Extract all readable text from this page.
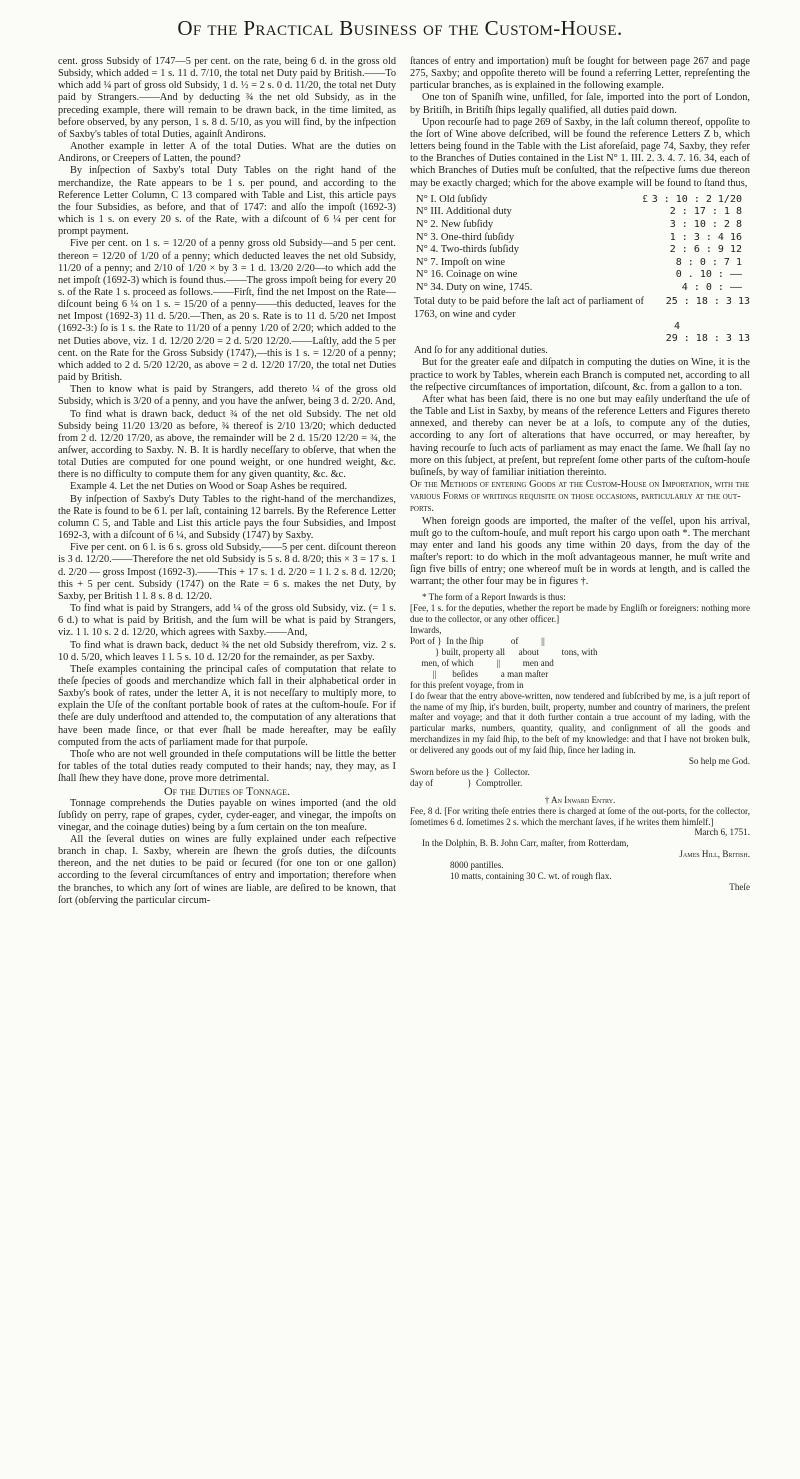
Of the Practical Business of the Custom-House.

cent. gross Subsidy of 1747—5 per cent. on the rate, being 6 d. in the gross old Subsidy, which added = 1 s. 11 d. 7/10, the total net Duty paid by British.——To which add ¼ part of gross old Subsidy, 1 d. ½ = 2 s. 0 d. 11/20, the total net Duty paid by Strangers.——And by deducting ¾ the net old Subsidy, as in the preceding example, there will remain to be drawn back, in the time limited, as before observed, by any person, 1 s. 8 d. 5/10, as you will find, by the infpection of Saxby's tables of total Duties, againſt Andirons.

Another example in letter A of the total Duties. What are the duties on Andirons, or Creepers of Latten, the pound?

By inſpection of Saxby's total Duty Tables on the right hand of the merchandize, the Rate appears to be 1 s. per pound, and according to the Reference Letter Column, C 13 compared with Table and List, this article pays the four Subsidies, as before, and that of 1747: and alſo the impoſt (1692-3) which is 1 s. on every 20 s. of the Rate, with a diſcount of 6 ¼ per cent for prompt payment.

Five per cent. on 1 s. = 12/20 of a penny gross old Subsidy—and 5 per cent. thereon = 12/20 of 1/20 of a penny; which deducted leaves the net old Subsidy, 11/20 of a penny; and 2/10 of 1/20 × by 3 = 1 d. 13/20 2/20—to which add the net impoſt (1692-3) which is found thus.——The gross impoſt being for every 20 s. of the Rate 1 s. proceed as follows.——Firſt, find the net Impost on the Rate—diſcount being 6 ¼ on 1 s. = 15/20 of a penny——this deducted, leaves for the net Impost (1692-3) 11 d. 5/20.—Then, as 20 s. Rate is to 11 d. 5/20 net Impost (1692-3:) ſo is 1 s. the Rate to 11/20 of a penny 1/20 of 2/20; which added to the net Duties above, viz. 1 d. 12/20 2/20 = 2 d. 5/20 12/20.——Laſtly, add the 5 per cent. on the Rate for the Gross Subsidy (1747),—this is 1 s. = 12/20 of a penny; which added to 2 d. 5/20 12/20, as above = 2 d. 12/20 17/20, the total net Duties paid by British.

Then to know what is paid by Strangers, add thereto ¼ of the gross old Subsidy, which is 3/20 of a penny, and you have the anſwer, being 3 d. 2/20. And,

To find what is drawn back, deduct ¾ of the net old Subsidy. The net old Subsidy being 11/20 13/20 as before, ¾ thereof is 2/10 13/20; which deducted from 2 d. 12/20 17/20, as above, the remainder will be 2 d. 15/20 12/20 = ¾, the anſwer, according to Saxby. N. B. It is hardly neceſſary to obſerve, that when the total Duties are computed for one pound weight, or one hundred weight, &c. there is no difficulty to compute them for any given quantity, &c. &c.

Example 4. Let the net Duties on Wood or Soap Ashes be required.

By inſpection of Saxby's Duty Tables to the right-hand of the merchandizes, the Rate is found to be 6 l. per laſt, containing 12 barrels. By the Reference Letter column C 5, and Table and List this article pays the four Subsidies, and Impost 1692-3, with a diſcount of 6 ¼, and Subsidy (1747) by Saxby.

Five per cent. on 6 l. is 6 s. gross old Subsidy,——5 per cent. diſcount thereon is 3 d. 12/20.——Therefore the net old Subsidy is 5 s. 8 d. 8/20; this × 3 = 17 s. 1 d. 2/20 — gross Impost (1692-3).——This + 17 s. 1 d. 2/20 = 1 l. 2 s. 8 d. 12/20; this + 5 per cent. Subsidy (1747) on the Rate = 6 s. makes the net Duty, by Saxby, per British 1 l. 8 s. 8 d. 12/20.

To find what is paid by Strangers, add ¼ of the gross old Subsidy, viz. (= 1 s. 6 d.) to what is paid by British, and the ſum will be what is paid by Strangers, viz. 1 l. 10 s. 2 d. 12/20, which agrees with Saxby.——And,

To find what is drawn back, deduct ¾ the net old Subsidy therefrom, viz. 2 s. 10 d. 5/20, which leaves 1 l. 5 s. 10 d. 12/20 for the remainder, as per Saxby.

Theſe examples containing the principal caſes of computation that relate to theſe ſpecies of goods and merchandize which fall in their alphabetical order in Saxby's book of rates, under the letter A, it is not neceſſary to multiply more, to explain the Uſe of the conſtant portable book of rates at the cuſtom-houſe. For if theſe are duly underſtood and attended to, the computation of any alterations that have been made ſince, or that ever ſhall be made hereafter, may be eaſily computed from the acts of parliament made for that purpoſe.

Thoſe who are not well grounded in theſe computations will be little the better for tables of the total duties ready computed to their hands; nay, they may, as I ſhall ſhew they have done, prove more detrimental.

Of the Duties of Tonnage.

Tonnage comprehends the Duties payable on wines imported (and the old ſubſidy on perry, rape of grapes, cyder, cyder-eager, and vinegar, the impoſts on vinegar, and the coinage duties) being by a ſum certain on the ton meaſure.

All the ſeveral duties on wines are fully explained under each reſpective branch in chap. I. Saxby, wherein are ſhewn the groſs duties, the diſcounts thereon, and the net duties to be paid or ſecured (for one ton or one gallon) according to the ſeveral circumſtances of entry and importation; therefore when the branches, to which any ſort of wines are liable, are deſired to be known, that ſort (obſerving the particular circum-

ſtances of entry and importation) muſt be ſought for between page 267 and page 275, Saxby; and oppoſite thereto will be found a referring Letter, repreſenting the particular branches, as is explained in the following example.

One ton of Spaniſh wine, unfilled, for ſale, imported into the port of London, by Britiſh, in Britiſh ſhips legally qualified, all duties paid down.

Upon recourſe had to page 269 of Saxby, in the laſt column thereof, oppoſite to the ſort of Wine above deſcribed, will be found the reference Letters Z b, which letters being found in the Table with the List aforeſaid, page 74, Saxby, they refer to the Branches of Duties contained in the List N° 1. III. 2. 3. 4. 7. 16. 34, each of which Branches of Duties muſt be conſulted, that the reſpective ſums due thereon may be exactly charged; which for the above example will be found to ſtand thus,

N° I. Old ſubſidy	£	3 : 10 : 2 1/20
N° III. Additional duty		2 : 17 : 1 8
N° 2. New ſubſidy		3 : 10 : 2 8
N° 3. One-third ſubſidy		1 : 3 : 4 16
N° 4. Two-thirds ſubſidy		2 : 6 : 9 12
N° 7. Impoſt on wine		8 : 0 : 7 1
N° 16. Coinage on wine		0 . 10 : ——
N° 34. Duty on wine, 1745.		4 : 0 : ——
Total duty to be paid before the laſt act of parliament of 1763, on wine and cyder
25 : 18 : 3 13
4
29 : 18 : 3 13
And ſo for any additional duties.

But for the greater eaſe and diſpatch in computing the duties on Wine, it is the practice to work by Tables, wherein each Branch is computed net, according to all the reſpective circumſtances of importation, diſcount, &c. from a gallon to a ton.

After what has been ſaid, there is no one but may eaſily underſtand the uſe of the Table and List in Saxby, by means of the reference Letters and Figures thereto annexed, and thereby can never be at a loſs, to compute any of the duties, according to any ſort of alterations that have occurred, or may hereafter, by having recourſe to ſuch acts of parliament as may enact the ſame. We ſhall ſay no more on this ſubject, at preſent, but repreſent ſome other parts of the cuſtom-houſe buſineſs, by way of familiar initiation thereinto.

Of the Methods of entering Goods at the Custom-House on Importation, with the various Forms of writings requiſite on thoſe occaſions, particularly at the out-ports.

When foreign goods are imported, the maſter of the veſſel, upon his arrival, muſt go to the cuſtom-houſe, and muſt report his cargo upon oath *. The merchant may enter and land his goods any time within 20 days, from the day of the maſter's report: to do which in the moſt advantageous manner, he muſt write and ſign five bills of entry; one whereof muſt be in words at length, and is called the warrant; the other four may be in figures †.

* The form of a Report Inwards is thus:
[Fee, 1 s. for the deputies, whether the report be made by Engliſh or foreigners: nothing more due to the collector, or any other officer.]
Inwards,
Port of }  In the ſhip            of          ||
} built, property all      about          tons, with
men, of which          ||          men and
||       beſides          a man maſter
for this preſent voyage, from in
I do ſwear that the entry above-written, now tendered and ſubſcribed by me, is a juſt report of the name of my ſhip, it's burden, built, property, number and country of mariners, the preſent maſter and voyage; and that it doth further contain a true account of my lading, with the particular marks, numbers, quantity, quality, and conſignment of all the goods and merchandizes in my ſaid ſhip, to the beſt of my knowledge: and that I have not broken bulk, or delivered any goods out of my ſaid ſhip, ſince her lading in.
So help me God.
Sworn before us the }  Collector.
day of               }  Comptroller.
† An Inward Entry.
Fee, 8 d. [For writing theſe entries there is charged at ſome of the out-ports, for the collector, ſometimes 6 d. ſometimes 2 s. which the merchant ſaves, if he writes them himſelf.]
March 6, 1751.
In the Dolphin, B. B. John Carr, maſter, from Rotterdam,
James Hill, Britiſh.
8000 pantilles.
10 matts, containing 30 C. wt. of rough flax.
Theſe
